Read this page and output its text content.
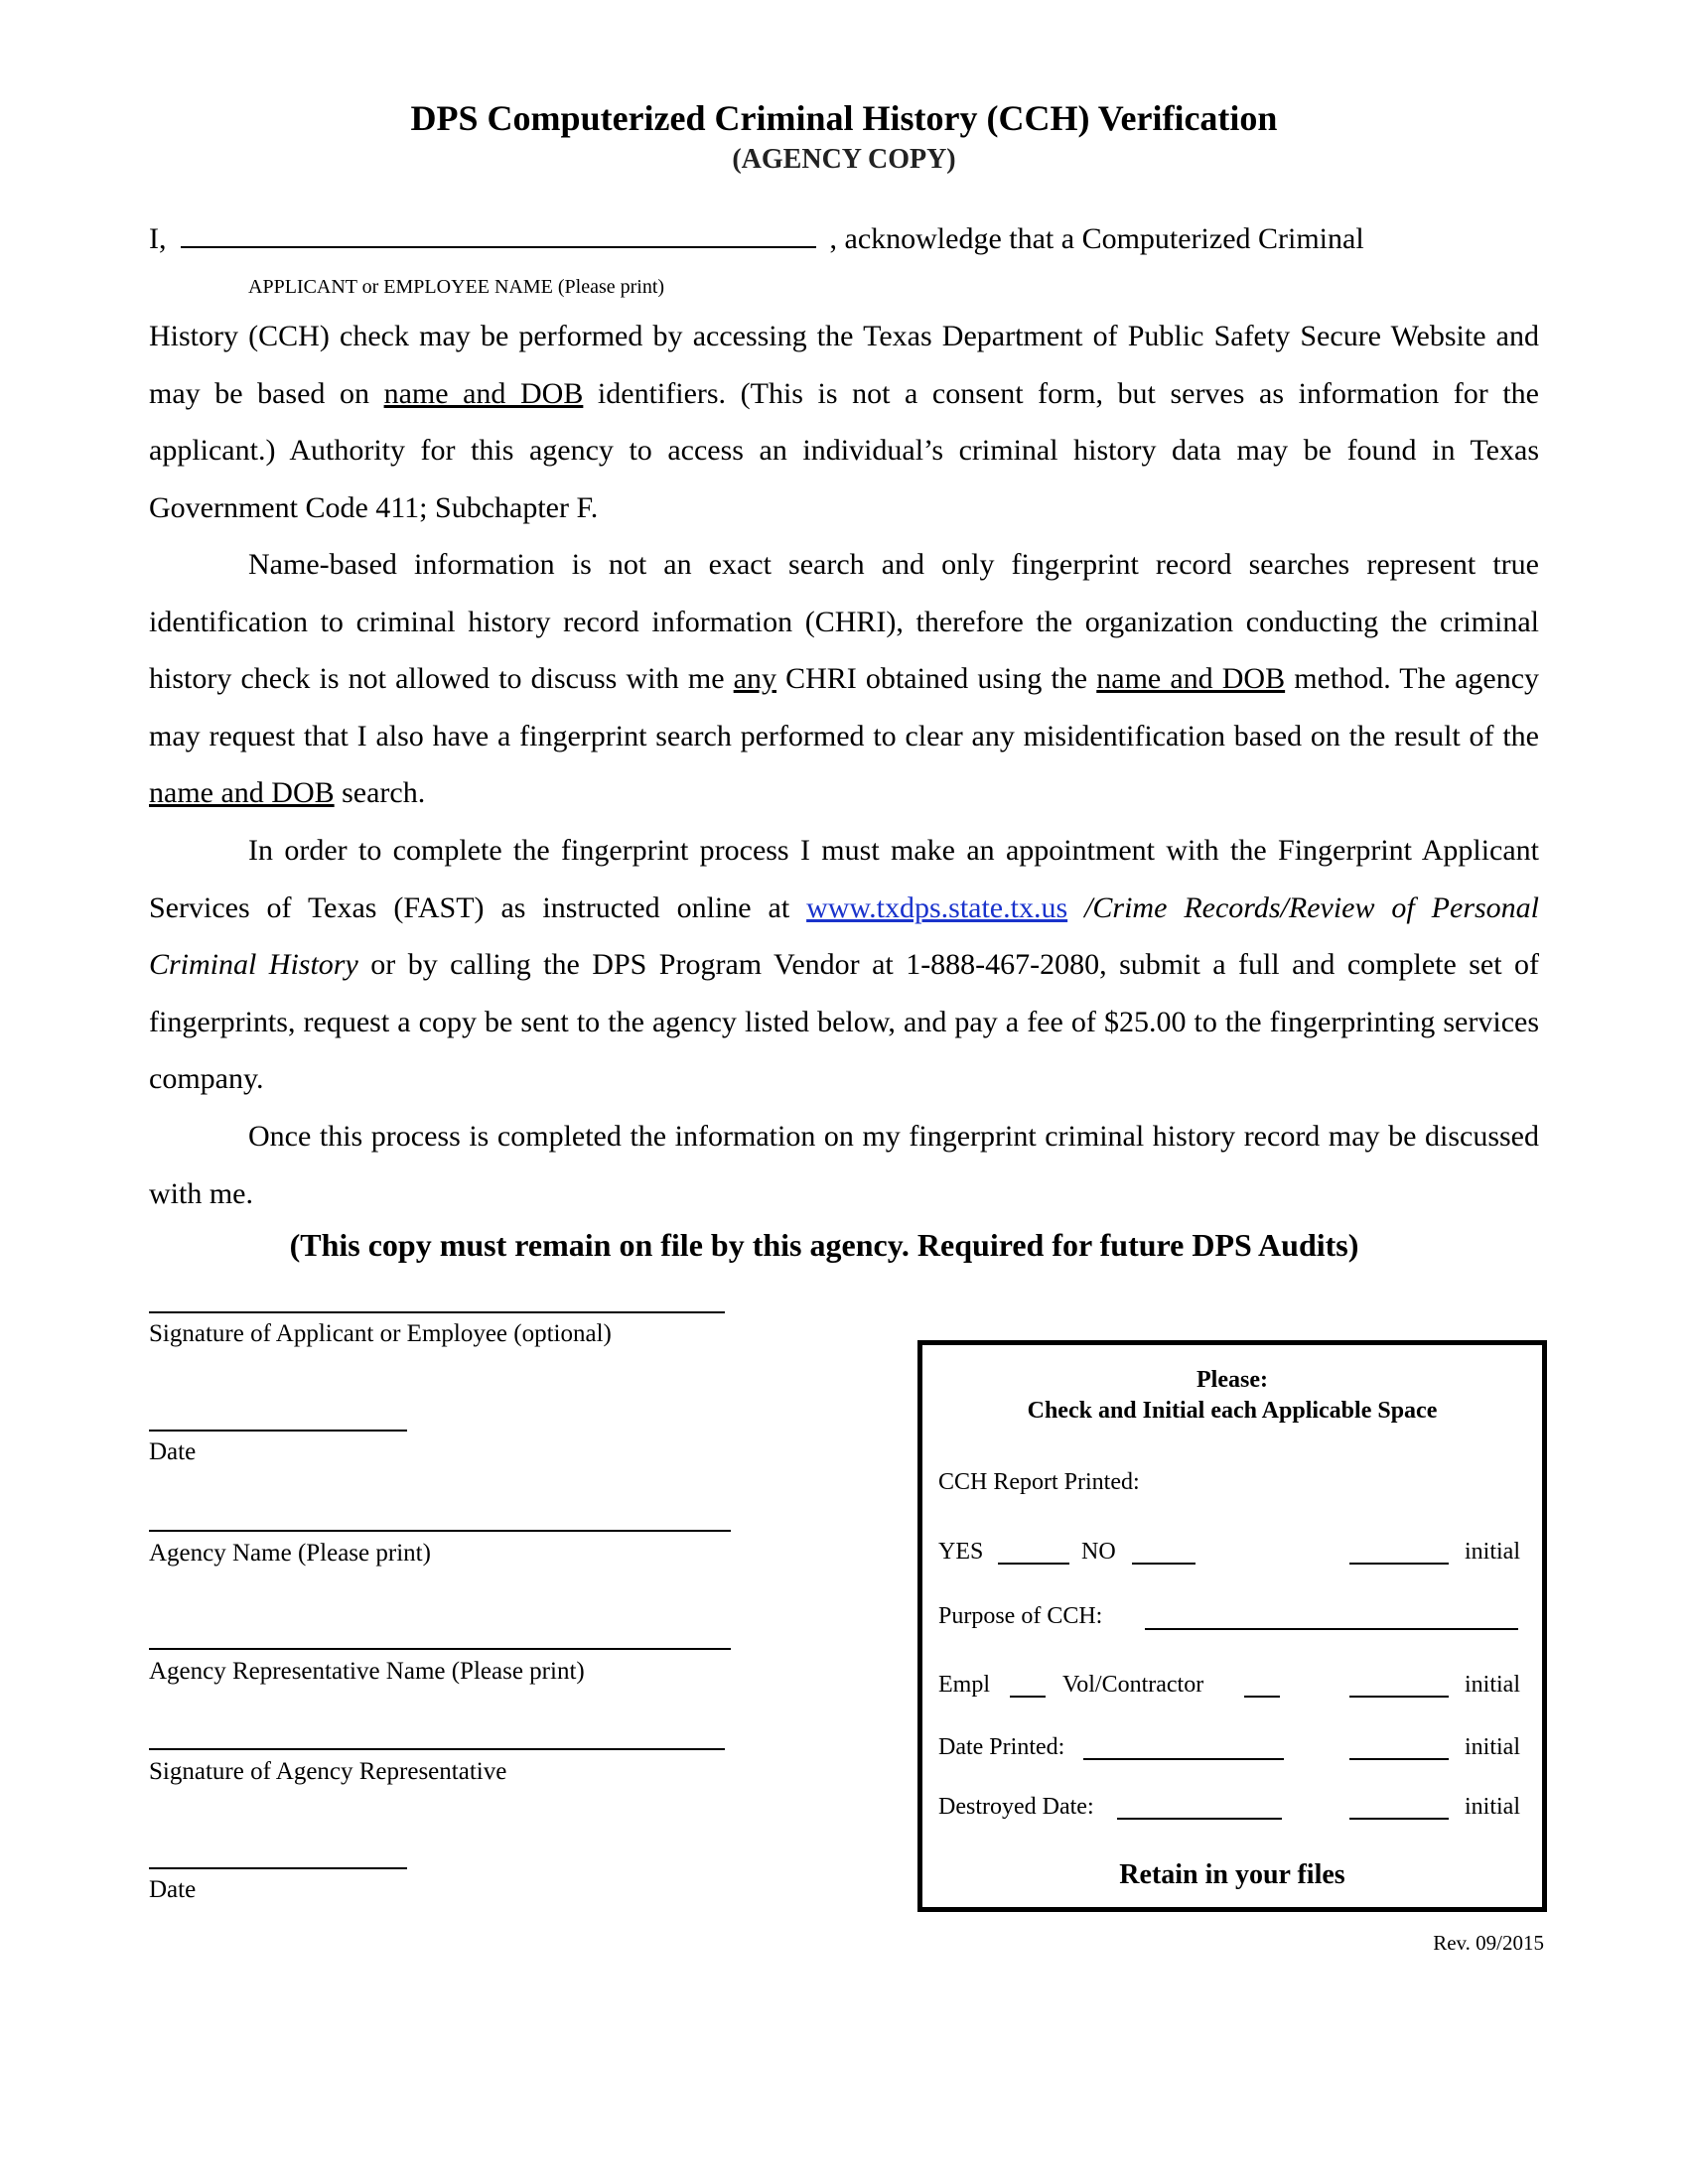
DPS Computerized Criminal History (CCH) Verification
(AGENCY COPY)
I,	, acknowledge that a Computerized Criminal
APPLICANT or EMPLOYEE NAME (Please print)
History (CCH) check may be performed by accessing the Texas Department of Public Safety Secure Website and may be based on name and DOB identifiers. (This is not a consent form, but serves as information for the applicant.) Authority for this agency to access an individual’s criminal history data may be found in Texas Government Code 411; Subchapter F.
Name-based information is not an exact search and only fingerprint record searches represent true identification to criminal history record information (CHRI), therefore the organization conducting the criminal history check is not allowed to discuss with me any CHRI obtained using the name and DOB method. The agency may request that I also have a fingerprint search performed to clear any misidentification based on the result of the name and DOB search.
In order to complete the fingerprint process I must make an appointment with the Fingerprint Applicant Services of Texas (FAST) as instructed online at www.txdps.state.tx.us /Crime Records/Review of Personal Criminal History or by calling the DPS Program Vendor at 1-888-467-2080, submit a full and complete set of fingerprints, request a copy be sent to the agency listed below, and pay a fee of $25.00 to the fingerprinting services company.
Once this process is completed the information on my fingerprint criminal history record may be discussed with me.
(This copy must remain on file by this agency. Required for future DPS Audits)
Signature of Applicant or Employee (optional)
Date
Agency Name (Please print)
Agency Representative Name (Please print)
Signature of Agency Representative
Date
Please:
Check and Initial each Applicable Space
CCH Report Printed:
YES	NO	initial
Purpose of CCH:
Empl	Vol/Contractor	initial
Date Printed:	initial
Destroyed Date:	initial
Retain in your files
Rev. 09/2015
